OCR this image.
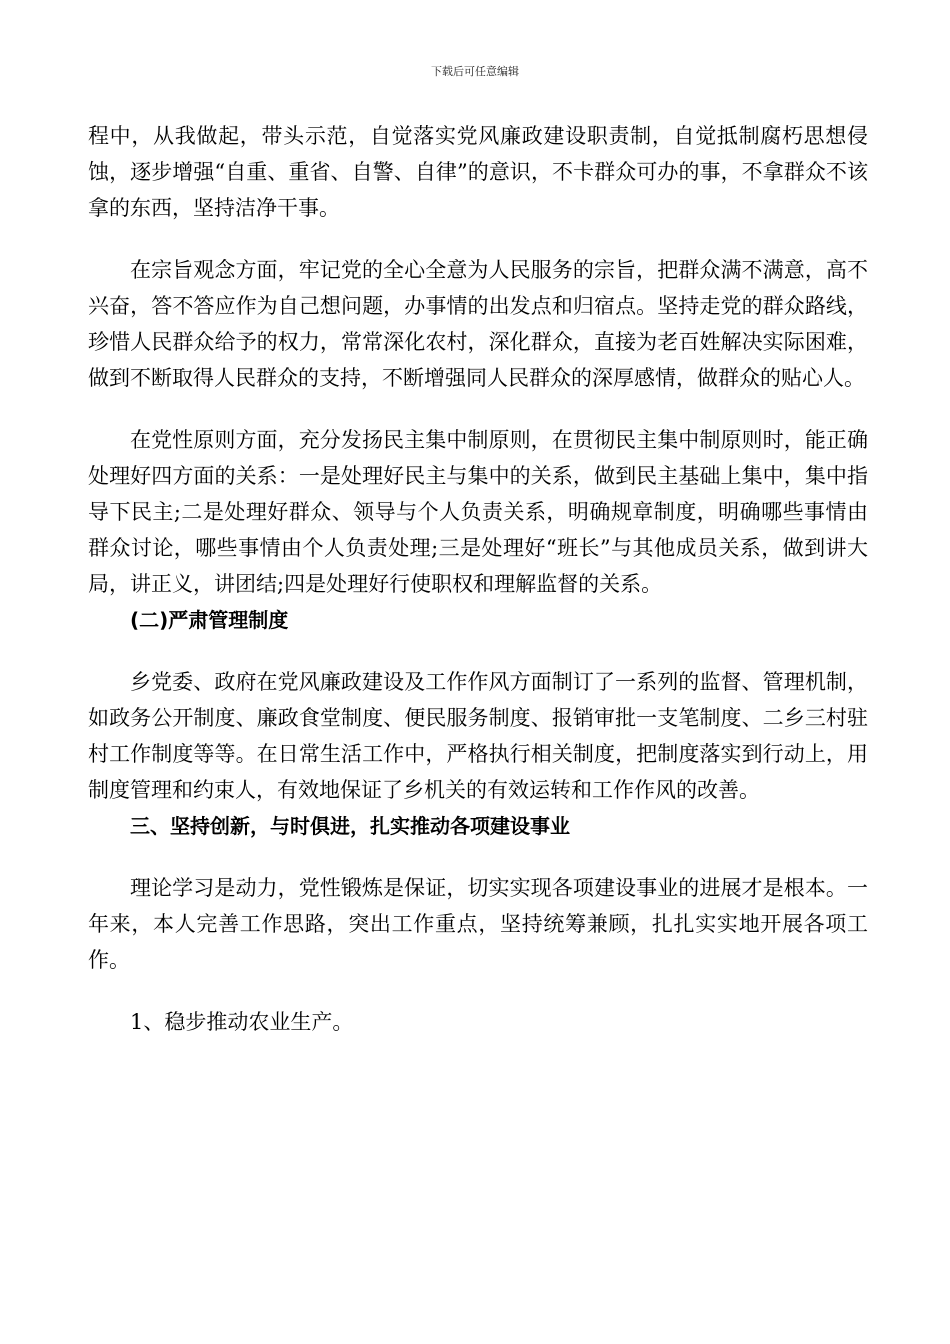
下载后可任意编辑

程中，从我做起，带头示范，自觉落实党风廉政建设职责制，自觉抵制腐朽思想侵蚀，逐步增强“自重、重省、自警、自律”的意识，不卡群众可办的事，不拿群众不该拿的东西，坚持洁净干事。

在宗旨观念方面，牢记党的全心全意为人民服务的宗旨，把群众满不满意，高不兴奋，答不答应作为自己想问题，办事情的出发点和归宿点。坚持走党的群众路线，珍惜人民群众给予的权力，常常深化农村，深化群众，直接为老百姓解决实际困难，做到不断取得人民群众的支持，不断增强同人民群众的深厚感情，做群众的贴心人。

在党性原则方面，充分发扬民主集中制原则，在贯彻民主集中制原则时，能正确处理好四方面的关系：一是处理好民主与集中的关系，做到民主基础上集中，集中指导下民主;二是处理好群众、领导与个人负责关系，明确规章制度，明确哪些事情由群众讨论，哪些事情由个人负责处理;三是处理好“班长”与其他成员关系，做到讲大局，讲正义，讲团结;四是处理好行使职权和理解监督的关系。

(二)严肃管理制度

乡党委、政府在党风廉政建设及工作作风方面制订了一系列的监督、管理机制，如政务公开制度、廉政食堂制度、便民服务制度、报销审批一支笔制度、二乡三村驻村工作制度等等。在日常生活工作中，严格执行相关制度，把制度落实到行动上，用制度管理和约束人，有效地保证了乡机关的有效运转和工作作风的改善。

三、坚持创新，与时俱进，扎实推动各项建设事业

理论学习是动力，党性锻炼是保证，切实实现各项建设事业的进展才是根本。一年来，本人完善工作思路，突出工作重点，坚持统筹兼顾，扎扎实实地开展各项工作。

1、稳步推动农业生产。
